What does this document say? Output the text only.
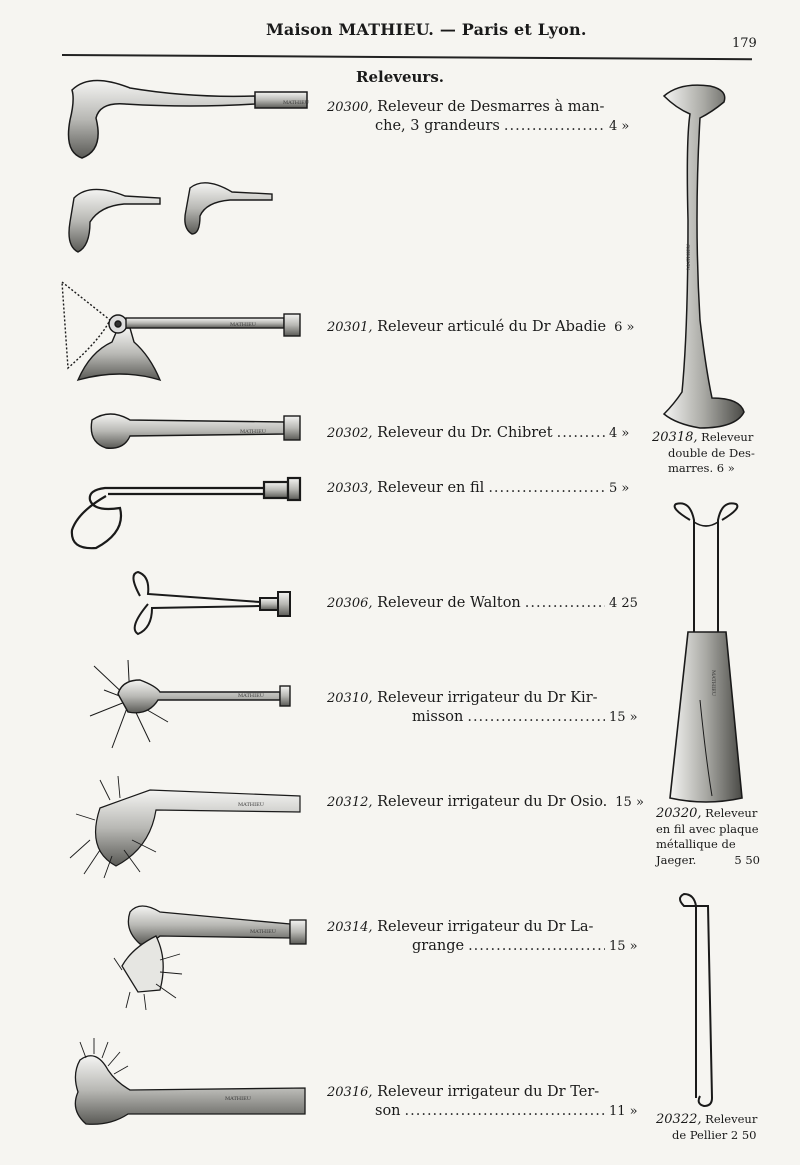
Maison MATHIEU. — Paris et Lyon.
179
Releveurs.
MATHIEU
MATHIEU
MATHIEU
MATHIEU
MATHIEU
MATHIEU
MATHIEU
MATHIEU
MATHIEU
20300, Releveur de Desmarres à man-
che, 3 grandeurs .....	4 »
20301, Releveur articulé du Dr Abadie 6 »
20302, Releveur du Dr. Chibret .....	4 »
20303, Releveur en fil .....	5 »
20306, Releveur de Walton .....	4 25
20310, Releveur irrigateur du Dr Kir-
misson .....	15 »
20312, Releveur irrigateur du Dr Osio. 15 »
20314, Releveur irrigateur du Dr La-
grange .....	15 »
20316, Releveur irrigateur du Dr Ter-
son .....	11 »
20318, Releveur
double de Des-
marres. 6 »
20320, Releveur
en fil avec plaque
métallique de
Jaeger.	5 50
20322, Releveur
de Pellier 2 50
